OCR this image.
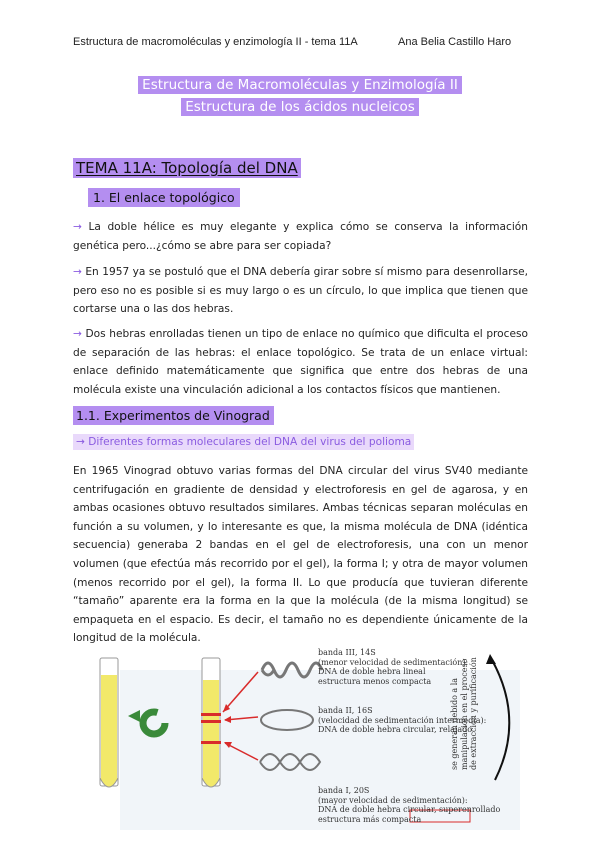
Estructura de macromoléculas y enzimología II - tema 11A	Ana Belia Castillo Haro
Estructura de Macromoléculas y Enzimología II
Estructura de los ácidos nucleicos
TEMA 11A: Topología del DNA
1. El enlace topológico
→ La doble hélice es muy elegante y explica cómo se conserva la información genética pero...¿cómo se abre para ser copiada?
→ En 1957 ya se postuló que el DNA debería girar sobre sí mismo para desenrollarse, pero eso no es posible si es muy largo o es un círculo, lo que implica que tienen que cortarse una o las dos hebras.
→ Dos hebras enrolladas tienen un tipo de enlace no químico que dificulta el proceso de separación de las hebras: el enlace topológico. Se trata de un enlace virtual: enlace definido matemáticamente que significa que entre dos hebras de una molécula existe una vinculación adicional a los contactos físicos que mantienen.
1.1. Experimentos de Vinograd
→ Diferentes formas moleculares del DNA del virus del polioma
En 1965 Vinograd obtuvo varias formas del DNA circular del virus SV40 mediante centrifugación en gradiente de densidad y electroforesis en gel de agarosa, y en ambas ocasiones obtuvo resultados similares. Ambas técnicas separan moléculas en función a su volumen, y lo interesante es que, la misma molécula de DNA (idéntica secuencia) generaba 2 bandas en el gel de electroforesis, una con un menor volumen (que efectúa más recorrido por el gel), la forma I; y otra de mayor volumen (menos recorrido por el gel), la forma II. Lo que producía que tuvieran diferente “tamaño” aparente era la forma en la que la molécula (de la misma longitud) se empaqueta en el espacio. Es decir, el tamaño no es dependiente únicamente de la longitud de la molécula.
banda III, 14S
(menor velocidad de sedimentación):
DNA de doble hebra lineal
estructura menos compacta
banda II, 16S
(velocidad de sedimentación intermedia):
DNA de doble hebra circular, relajado
banda I, 20S
(mayor velocidad de sedimentación):
DNA de doble hebra circular, superenrollado
estructura más compacta
se generan debido a la manipulación en el proceso de extracción y purificación
